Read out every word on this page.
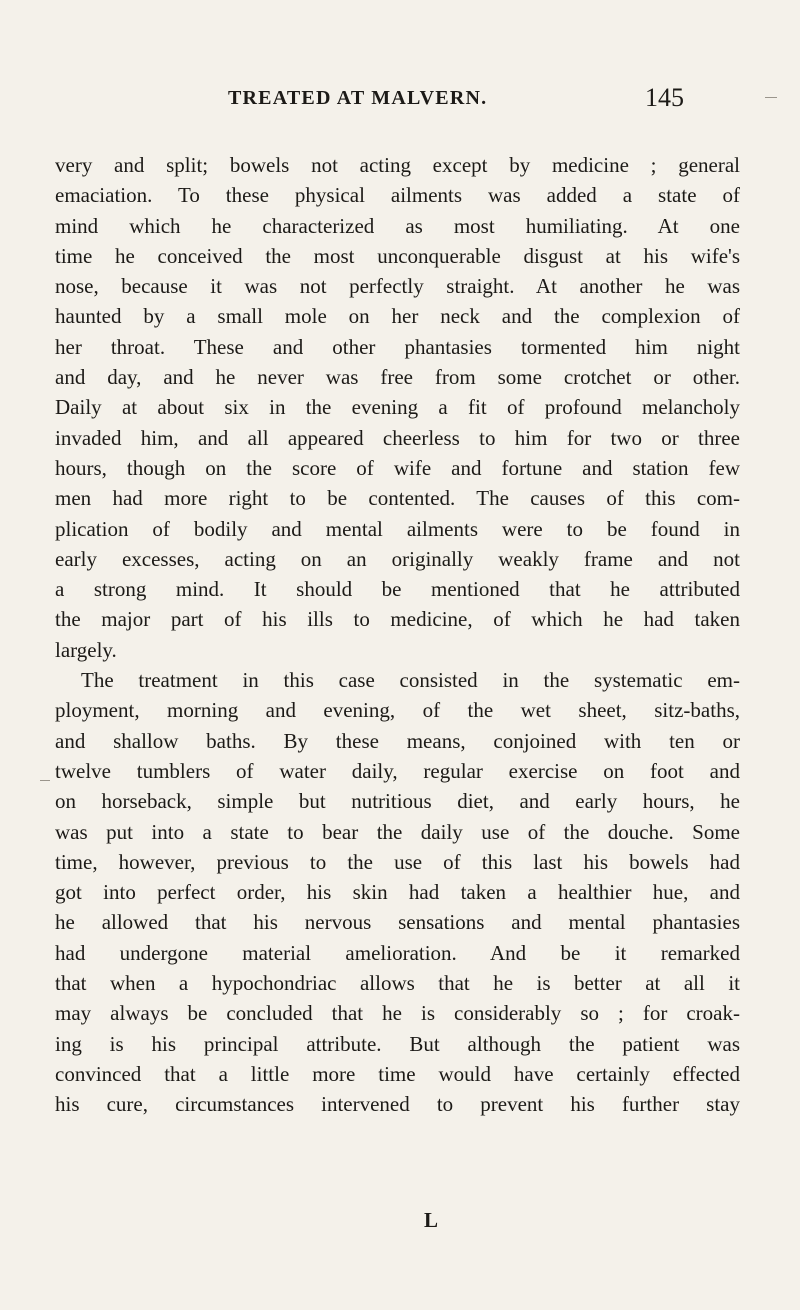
TREATED AT MALVERN.	145
very and split; bowels not acting except by medicine ; general
emaciation. To these physical ailments was added a state of
mind which he characterized as most humiliating. At one
time he conceived the most unconquerable disgust at his wife's
nose, because it was not perfectly straight. At another he was
haunted by a small mole on her neck and the complexion of
her throat. These and other phantasies tormented him night
and day, and he never was free from some crotchet or other.
Daily at about six in the evening a fit of profound melancholy
invaded him, and all appeared cheerless to him for two or three
hours, though on the score of wife and fortune and station few
men had more right to be contented. The causes of this com-
plication of bodily and mental ailments were to be found in
early excesses, acting on an originally weakly frame and not
a strong mind. It should be mentioned that he attributed
the major part of his ills to medicine, of which he had taken
largely.
The treatment in this case consisted in the systematic em-
ployment, morning and evening, of the wet sheet, sitz-baths,
and shallow baths. By these means, conjoined with ten or
twelve tumblers of water daily, regular exercise on foot and
on horseback, simple but nutritious diet, and early hours, he
was put into a state to bear the daily use of the douche. Some
time, however, previous to the use of this last his bowels had
got into perfect order, his skin had taken a healthier hue, and
he allowed that his nervous sensations and mental phantasies
had undergone material amelioration. And be it remarked
that when a hypochondriac allows that he is better at all it
may always be concluded that he is considerably so ; for croak-
ing is his principal attribute. But although the patient was
convinced that a little more time would have certainly effected
his cure, circumstances intervened to prevent his further stay
L
